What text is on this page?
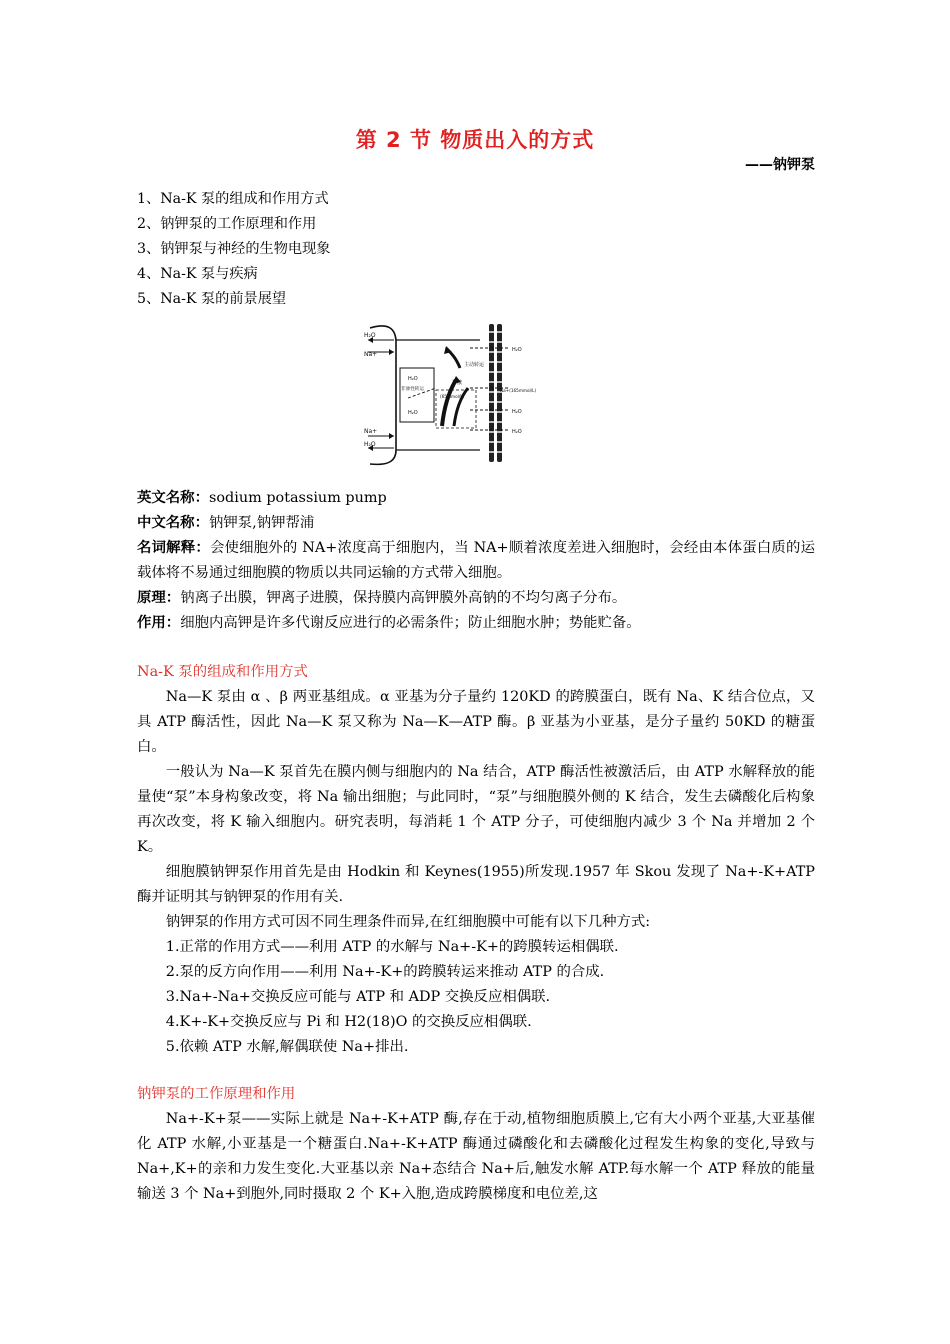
第 2 节 物质出入的方式
——钠钾泵
1、Na-K 泵的组成和作用方式
2、钠钾泵的工作原理和作用
3、钠钾泵与神经的生物电现象
4、Na-K 泵与疾病
5、Na-K 泵的前景展望
H₂O
Na+
Na+
H₂O
H₂O
Na+(165mmol/L)
H₂O
H₂O
主动转运
扩散
(65mmol/L)
非渗性转运
H₂O
H₂O
英文名称：sodium potassium pump
中文名称：钠钾泵,钠钾帮浦
名词解释：会使细胞外的 NA+浓度高于细胞内，当 NA+顺着浓度差进入细胞时，会经由本体蛋白质的运载体将不易通过细胞膜的物质以共同运输的方式带入细胞。
原理：钠离子出膜，钾离子进膜，保持膜内高钾膜外高钠的不均匀离子分布。
作用：细胞内高钾是许多代谢反应进行的必需条件；防止细胞水肿；势能贮备。
Na-K 泵的组成和作用方式
Na—K 泵由 α 、β 两亚基组成。α 亚基为分子量约 120KD 的跨膜蛋白，既有 Na、K 结合位点，又具 ATP 酶活性，因此 Na—K 泵又称为 Na—K—ATP 酶。β 亚基为小亚基，是分子量约 50KD 的糖蛋白。
一般认为 Na—K 泵首先在膜内侧与细胞内的 Na 结合，ATP 酶活性被激活后，由 ATP 水解释放的能量使“泵”本身构象改变，将 Na 输出细胞；与此同时，“泵”与细胞膜外侧的 K 结合，发生去磷酸化后构象再次改变，将 K 输入细胞内。研究表明，每消耗 1 个 ATP 分子，可使细胞内减少 3 个 Na 并增加 2 个 K。
细胞膜钠钾泵作用首先是由 Hodkin 和 Keynes(1955)所发现.1957 年 Skou 发现了 Na+-K+ATP 酶并证明其与钠钾泵的作用有关.
钠钾泵的作用方式可因不同生理条件而异,在红细胞膜中可能有以下几种方式:
1.正常的作用方式——利用 ATP 的水解与 Na+-K+的跨膜转运相偶联.
2.泵的反方向作用——利用 Na+-K+的跨膜转运来推动 ATP 的合成.
3.Na+-Na+交换反应可能与 ATP 和 ADP 交换反应相偶联.
4.K+-K+交换反应与 Pi 和 H2(18)O 的交换反应相偶联.
5.依赖 ATP 水解,解偶联使 Na+排出.
钠钾泵的工作原理和作用
Na+-K+泵——实际上就是 Na+-K+ATP 酶,存在于动,植物细胞质膜上,它有大小两个亚基,大亚基催化 ATP 水解,小亚基是一个糖蛋白.Na+-K+ATP 酶通过磷酸化和去磷酸化过程发生构象的变化,导致与 Na+,K+的亲和力发生变化.大亚基以亲 Na+态结合 Na+后,触发水解 ATP.每水解一个 ATP 释放的能量输送 3 个 Na+到胞外,同时摄取 2 个 K+入胞,造成跨膜梯度和电位差,这
